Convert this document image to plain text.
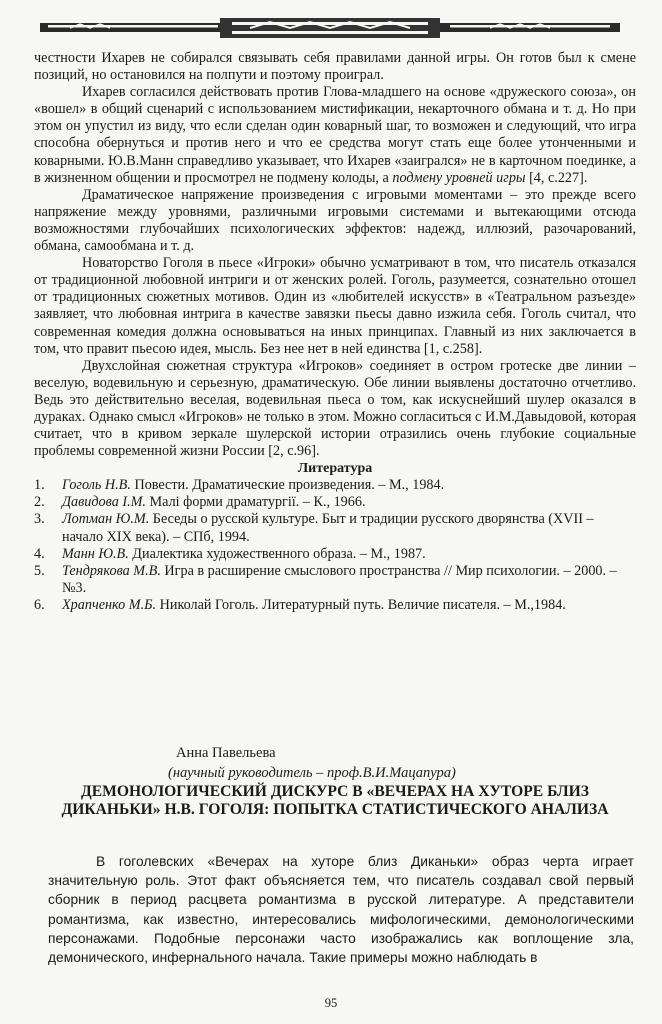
честности Ихарев не собирался связывать себя правилами данной игры. Он готов был к смене позиций, но остановился на полпути и поэтому проиграл.

Ихарев согласился действовать против Глова-младшего на основе «дружеского союза», он «вошел» в общий сценарий с использованием мистификации, некарточного обмана и т. д. Но при этом он упустил из виду, что если сделан один коварный шаг, то возможен и следующий, что игра способна обернуться и против него и что ее средства могут стать еще более утонченными и коварными. Ю.В.Манн справедливо указывает, что Ихарев «заигрался» не в карточном поединке, а в жизненном общении и просмотрел не подмену колоды, а подмену уровней игры [4, с.227].

Драматическое напряжение произведения с игровыми моментами – это прежде всего напряжение между уровнями, различными игровыми системами и вытекающими отсюда возможностями глубочайших психологических эффектов: надежд, иллюзий, разочарований, обмана, самообмана и т. д.

Новаторство Гоголя в пьесе «Игроки» обычно усматривают в том, что писатель отказался от традиционной любовной интриги и от женских ролей. Гоголь, разумеется, сознательно отошел от традиционных сюжетных мотивов. Один из «любителей искусств» в «Театральном разъезде» заявляет, что любовная интрига в качестве завязки пьесы давно изжила себя. Гоголь считал, что современная комедия должна основываться на иных принципах. Главный из них заключается в том, что правит пьесою идея, мысль. Без нее нет в ней единства [1, с.258].

Двухслойная сюжетная структура «Игроков» соединяет в остром гротеске две линии – веселую, водевильную и серьезную, драматическую. Обе линии выявлены достаточно отчетливо. Ведь это действительно веселая, водевильная пьеса о том, как искуснейший шулер оказался в дураках. Однако смысл «Игроков» не только в этом. Можно согласиться с И.М.Давыдовой, которая считает, что в кривом зеркале шулерской истории отразились очень глубокие социальные проблемы современной жизни России [2, с.96].

Литература
1.	Гоголь Н.В. Повести. Драматические произведения. – М., 1984.
2.	Давидова І.М. Малі форми драматургії. – К., 1966.
3.	Лотман Ю.М. Беседы о русской культуре. Быт и традиции русского дворянства (XVII – начало XIX века). – СПб, 1994.
4.	Манн Ю.В. Диалектика художественного образа. – М., 1987.
5.	Тендрякова М.В. Игра в расширение смыслового пространства // Мир психологии. – 2000. – №3.
6.	Храпченко М.Б. Николай Гоголь. Литературный путь. Величие писателя. – М.,1984.
Анна Павельева
(научный руководитель – проф.В.И.Мацапура)
ДЕМОНОЛОГИЧЕСКИЙ ДИСКУРС В «ВЕЧЕРАХ НА ХУТОРЕ БЛИЗ
ДИКАНЬКИ» Н.В. ГОГОЛЯ: ПОПЫТКА СТАТИСТИЧЕСКОГО АНАЛИЗА

В гоголевских «Вечерах на хуторе близ Диканьки» образ черта играет значительную роль. Этот факт объясняется тем, что писатель создавал свой первый сборник в период расцвета романтизма в русской литературе. А представители романтизма, как известно, интересовались мифологическими, демонологическими персонажами. Подобные персонажи часто изображались как воплощение зла, демонического, инфернального начала. Такие примеры можно наблюдать в

95
